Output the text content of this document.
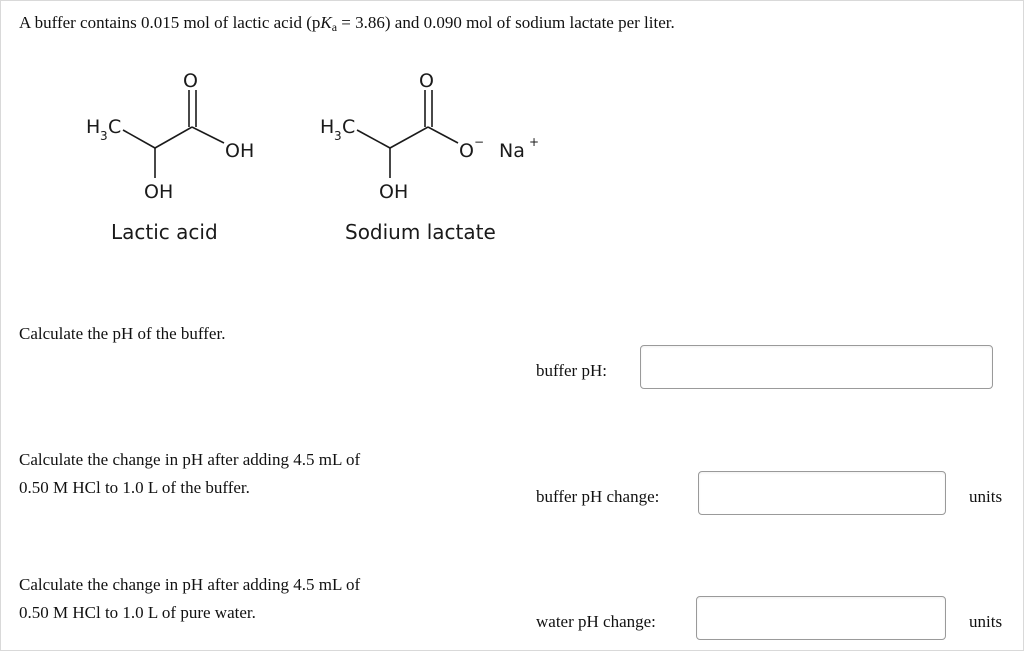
A buffer contains 0.015 mol of lactic acid $(pK_a = 3.86)$ and 0.090 mol of sodium lactate per liter.
O
H 3 C
OH
OH
Lactic acid
O
H 3 C
O − Na +
OH
Sodium lactate
Calculate the pH of the buffer.
buffer pH:
Calculate the change in pH after adding 4.5 mL of
0.50 M HCl to 1.0 L of the buffer.	buffer pH change:	units
Calculate the change in pH after adding 4.5 mL of
0.50 M HCl to 1.0 L of pure water.	water pH change:	units
